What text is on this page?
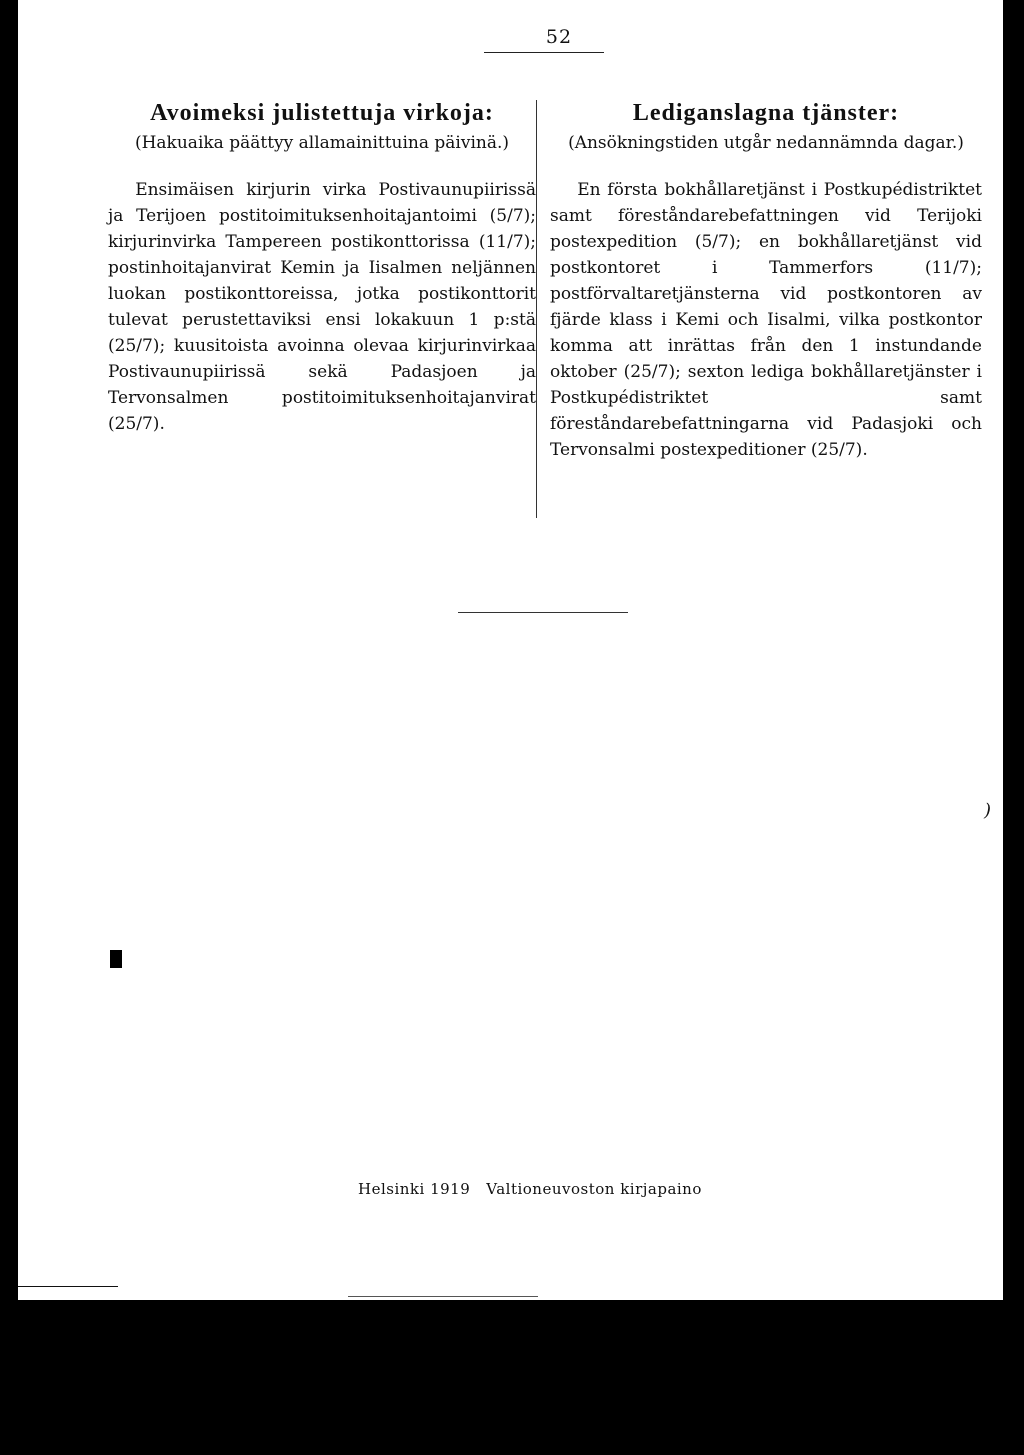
52
Avoimeksi julistettuja virkoja:
(Hakuaika päättyy allamainittuina päivinä.)
Ensimäisen kirjurin virka Postivaunupiirissä ja Terijoen postitoimituksenhoitajantoimi (5/7); kirjurinvirka Tampereen postikonttorissa (11/7); postinhoitajanvirat Kemin ja Iisalmen neljännen luokan postikonttoreissa, jotka postikonttorit tulevat perustettaviksi ensi lokakuun 1 p:stä (25/7); kuusitoista avoinna olevaa kirjurinvirkaa Postivaunupiirissä sekä Padasjoen ja Tervonsalmen postitoimituksenhoitajanvirat (25/7).
Lediganslagna tjänster:
(Ansökningstiden utgår nedannämnda dagar.)
En första bokhållaretjänst i Postkupédistriktet samt föreståndarebefattningen vid Terijoki postexpedition (5/7); en bokhållaretjänst vid postkontoret i Tammerfors (11/7); postförvaltaretjänsterna vid postkontoren av fjärde klass i Kemi och Iisalmi, vilka postkontor komma att inrättas från den 1 instundande oktober (25/7); sexton lediga bokhållaretjänster i Postkupédistriktet samt föreståndarebefattningarna vid Padasjoki och Tervonsalmi postexpeditioner (25/7).
)
Helsinki 1919 Valtioneuvoston kirjapaino
